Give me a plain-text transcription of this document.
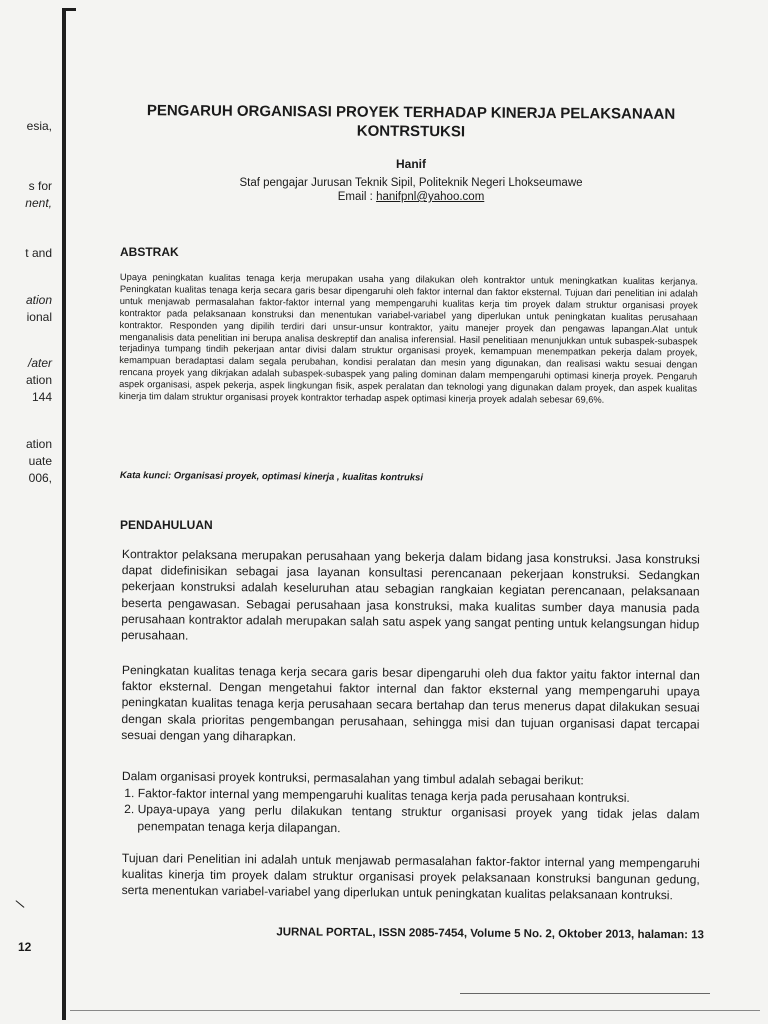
esia,
s for
nent,
t and
ation
ional
/ater
ation
144
ation
uate
006,
\
12
PENGARUH ORGANISASI PROYEK TERHADAP KINERJA PELAKSANAAN KONTRSTUKSI
Hanif
Staf pengajar Jurusan Teknik Sipil, Politeknik Negeri Lhokseumawe
Email : hanifpnl@yahoo.com
ABSTRAK
Upaya peningkatan kualitas tenaga kerja merupakan usaha yang dilakukan oleh kontraktor untuk meningkatkan kualitas kerjanya. Peningkatan kualitas tenaga kerja secara garis besar dipengaruhi oleh faktor internal dan faktor eksternal. Tujuan dari penelitian ini adalah untuk menjawab permasalahan faktor-faktor internal yang mempengaruhi kualitas kerja tim proyek dalam struktur organisasi proyek kontraktor pada pelaksanaan konstruksi dan menentukan variabel-variabel yang diperlukan untuk peningkatan kualitas perusahaan kontraktor. Responden yang dipilih terdiri dari unsur-unsur kontraktor, yaitu manejer proyek dan pengawas lapangan.Alat untuk menganalisis data penelitian ini berupa analisa deskreptif dan analisa inferensial. Hasil penelitiaan menunjukkan untuk subaspek-subaspek terjadinya tumpang tindih pekerjaan antar divisi dalam struktur organisasi proyek, kemampuan menempatkan pekerja dalam proyek, kemampuan beradaptasi dalam segala perubahan, kondisi peralatan dan mesin yang digunakan, dan realisasi waktu sesuai dengan rencana proyek yang dikrjakan adalah subaspek-subaspek yang paling dominan dalam mempengaruhi optimasi kinerja proyek. Pengaruh aspek organisasi, aspek pekerja, aspek lingkungan fisik, aspek peralatan dan teknologi yang digunakan dalam proyek, dan aspek kualitas kinerja tim dalam struktur organisasi proyek kontraktor terhadap aspek optimasi kinerja proyek adalah sebesar 69,6%.
Kata kunci: Organisasi proyek, optimasi kinerja , kualitas kontruksi
PENDAHULUAN
Kontraktor pelaksana merupakan perusahaan yang bekerja dalam bidang jasa konstruksi. Jasa konstruksi dapat didefinisikan sebagai jasa layanan konsultasi perencanaan pekerjaan konstruksi. Sedangkan pekerjaan konstruksi adalah keseluruhan atau sebagian rangkaian kegiatan perencanaan, pelaksanaan beserta pengawasan. Sebagai perusahaan jasa konstruksi, maka kualitas sumber daya manusia pada perusahaan kontraktor adalah merupakan salah satu aspek yang sangat penting untuk kelangsungan hidup perusahaan.
Peningkatan kualitas tenaga kerja secara garis besar dipengaruhi oleh dua faktor yaitu faktor internal dan faktor eksternal. Dengan mengetahui faktor internal dan faktor eksternal yang mempengaruhi upaya peningkatan kualitas tenaga kerja perusahaan secara bertahap dan terus menerus dapat dilakukan sesuai dengan skala prioritas pengembangan perusahaan, sehingga misi dan tujuan organisasi dapat tercapai sesuai dengan yang diharapkan.
Dalam organisasi proyek kontruksi, permasalahan yang timbul adalah sebagai berikut:
1. Faktor-faktor internal yang mempengaruhi kualitas tenaga kerja pada perusahaan kontruksi.
2. Upaya-upaya yang perlu dilakukan tentang struktur organisasi proyek yang tidak jelas dalam penempatan tenaga kerja dilapangan.
Tujuan dari Penelitian ini adalah untuk menjawab permasalahan faktor-faktor internal yang mempengaruhi kualitas kinerja tim proyek dalam struktur organisasi proyek pelaksanaan konstruksi bangunan gedung, serta menentukan variabel-variabel yang diperlukan untuk peningkatan kualitas pelaksanaan kontruksi.
JURNAL PORTAL, ISSN 2085-7454, Volume 5 No. 2, Oktober 2013, halaman: 13
